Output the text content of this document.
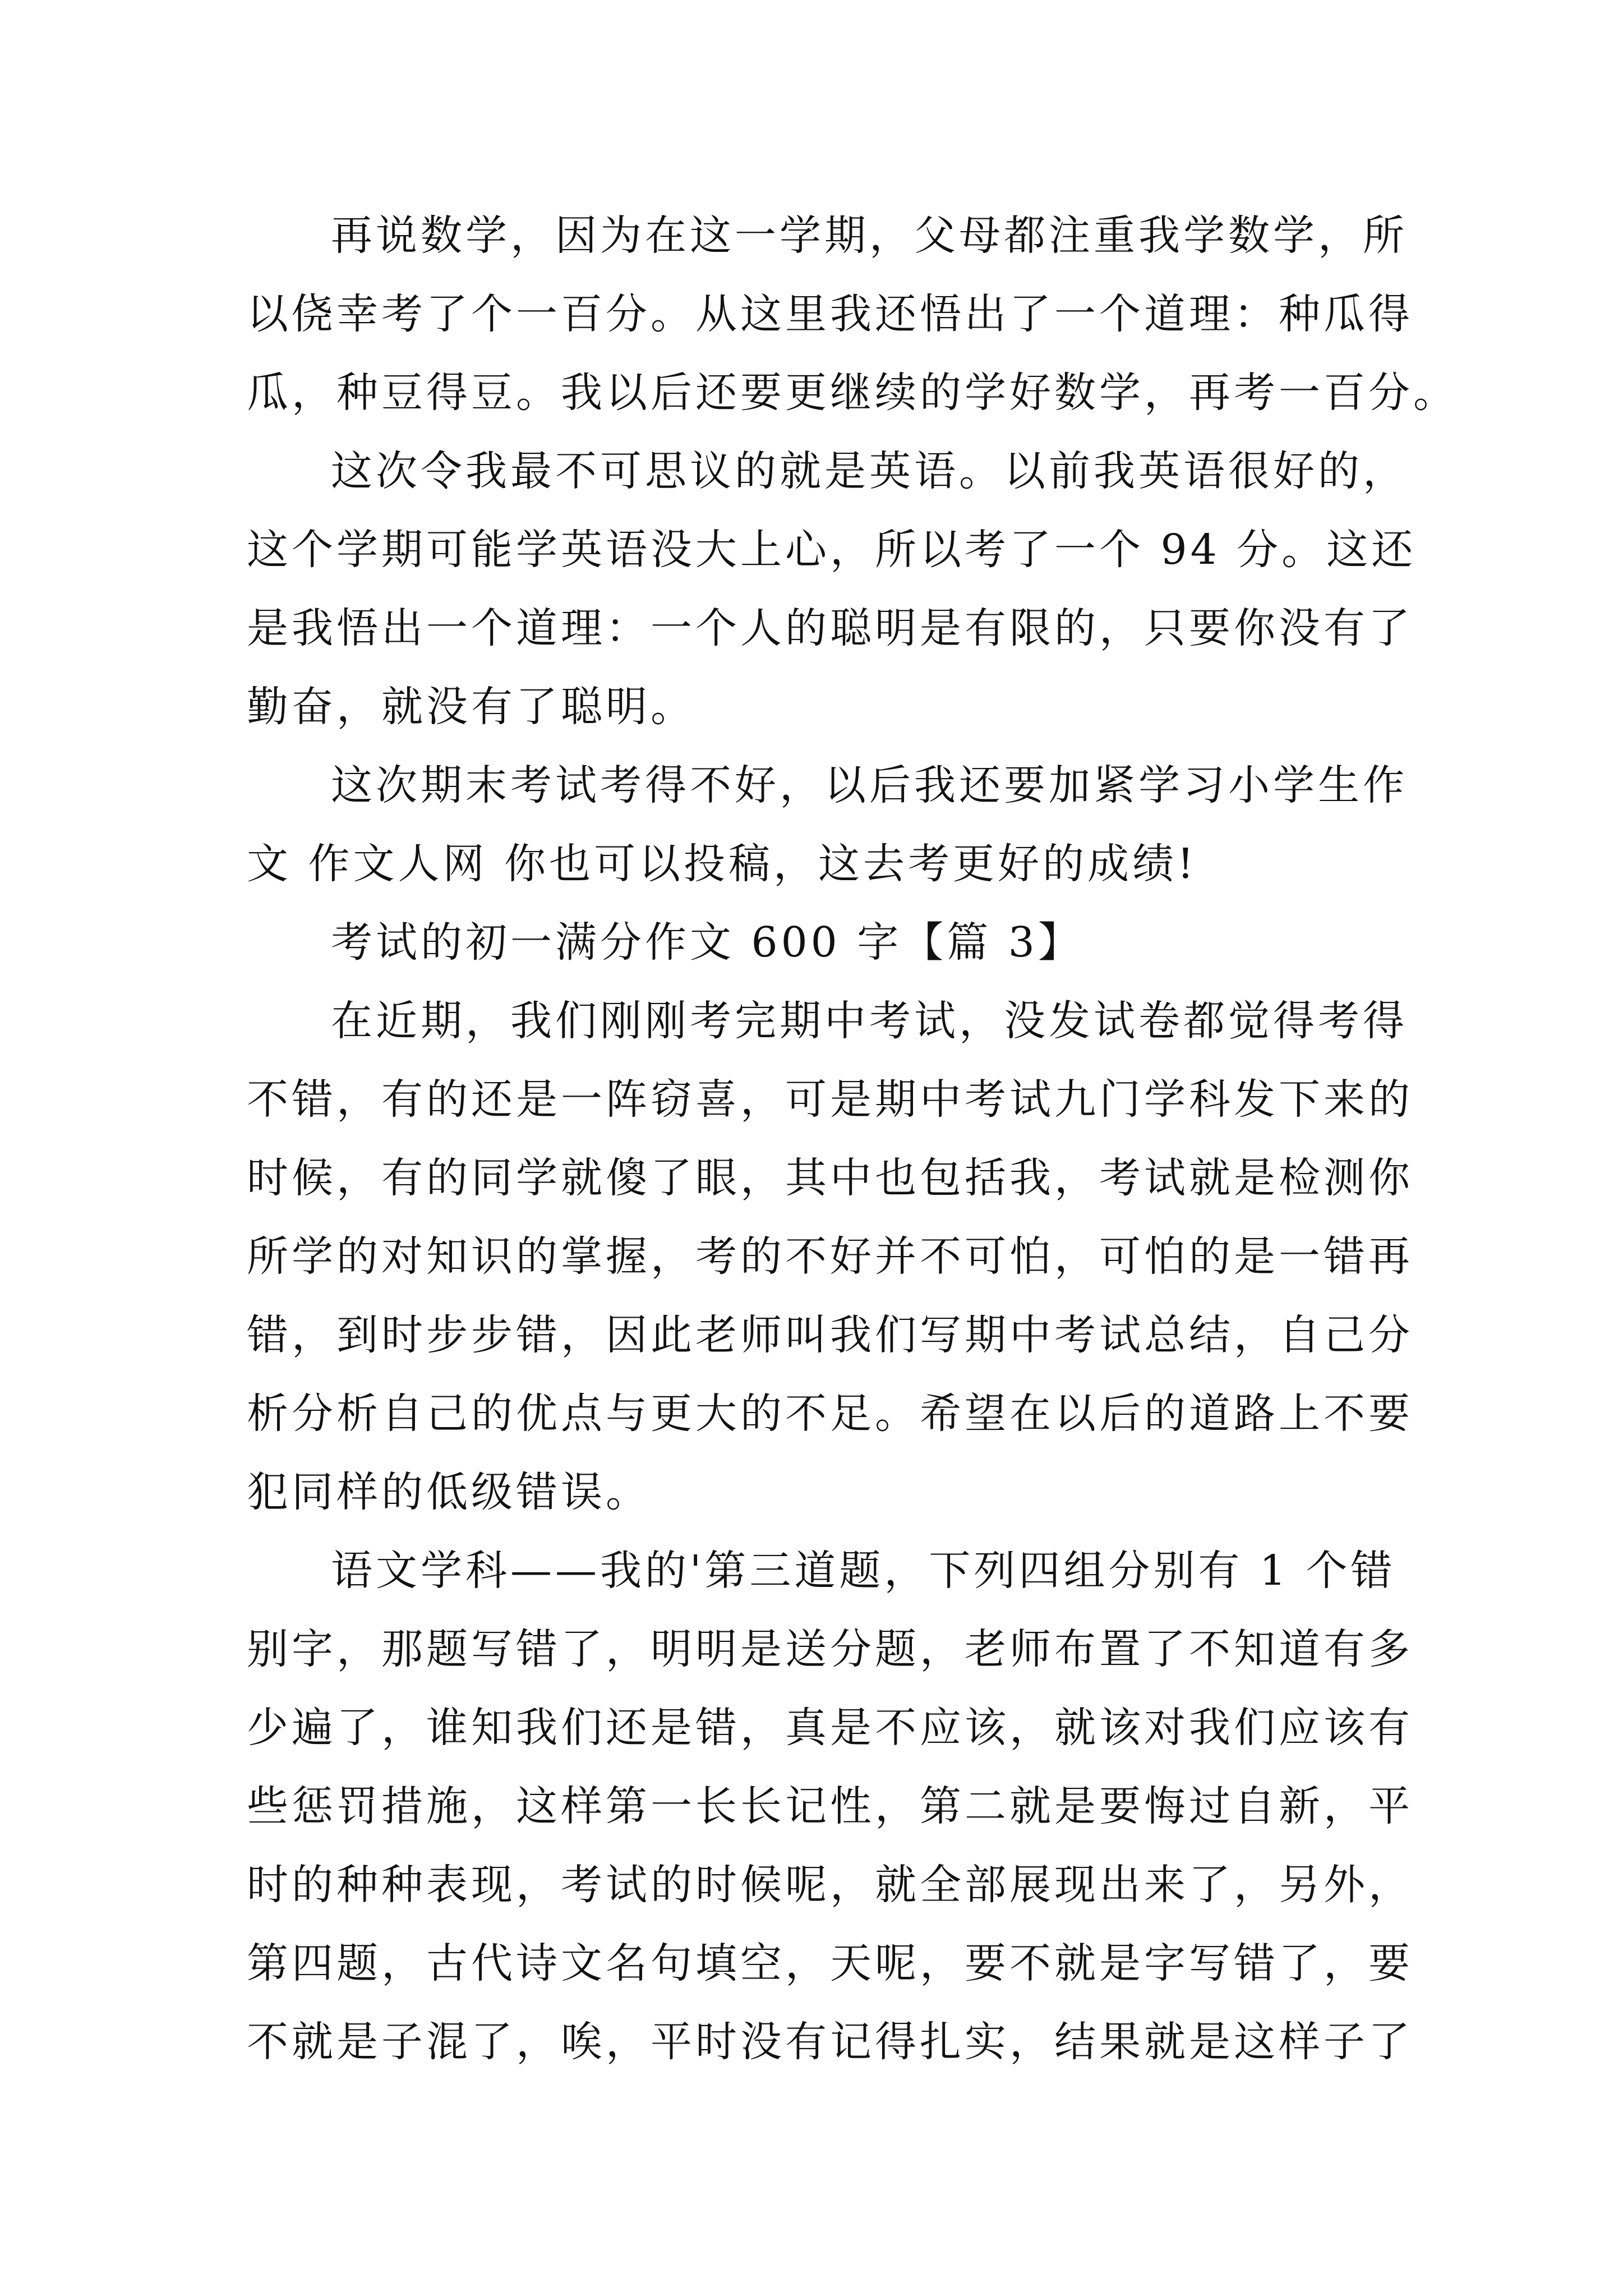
再说数学，因为在这一学期，父母都注重我学数学，所
以侥幸考了个一百分。从这里我还悟出了一个道理：种瓜得
瓜，种豆得豆。我以后还要更继续的学好数学，再考一百分。
这次令我最不可思议的就是英语。以前我英语很好的，
这个学期可能学英语没大上心，所以考了一个 94 分。这还
是我悟出一个道理：一个人的聪明是有限的，只要你没有了
勤奋，就没有了聪明。
这次期末考试考得不好，以后我还要加紧学习小学生作
文 作文人网 你也可以投稿，这去考更好的成绩!
考试的初一满分作文 600 字【篇 3】
在近期，我们刚刚考完期中考试，没发试卷都觉得考得
不错，有的还是一阵窃喜，可是期中考试九门学科发下来的
时候，有的同学就傻了眼，其中也包括我，考试就是检测你
所学的对知识的掌握，考的不好并不可怕，可怕的是一错再
错，到时步步错，因此老师叫我们写期中考试总结，自己分
析分析自己的优点与更大的不足。希望在以后的道路上不要
犯同样的低级错误。
语文学科——我的'第三道题，下列四组分别有 1 个错
别字，那题写错了，明明是送分题，老师布置了不知道有多
少遍了，谁知我们还是错，真是不应该，就该对我们应该有
些惩罚措施，这样第一长长记性，第二就是要悔过自新，平
时的种种表现，考试的时候呢，就全部展现出来了，另外，
第四题，古代诗文名句填空，天呢，要不就是字写错了，要
不就是子混了，唉，平时没有记得扎实，结果就是这样子了
